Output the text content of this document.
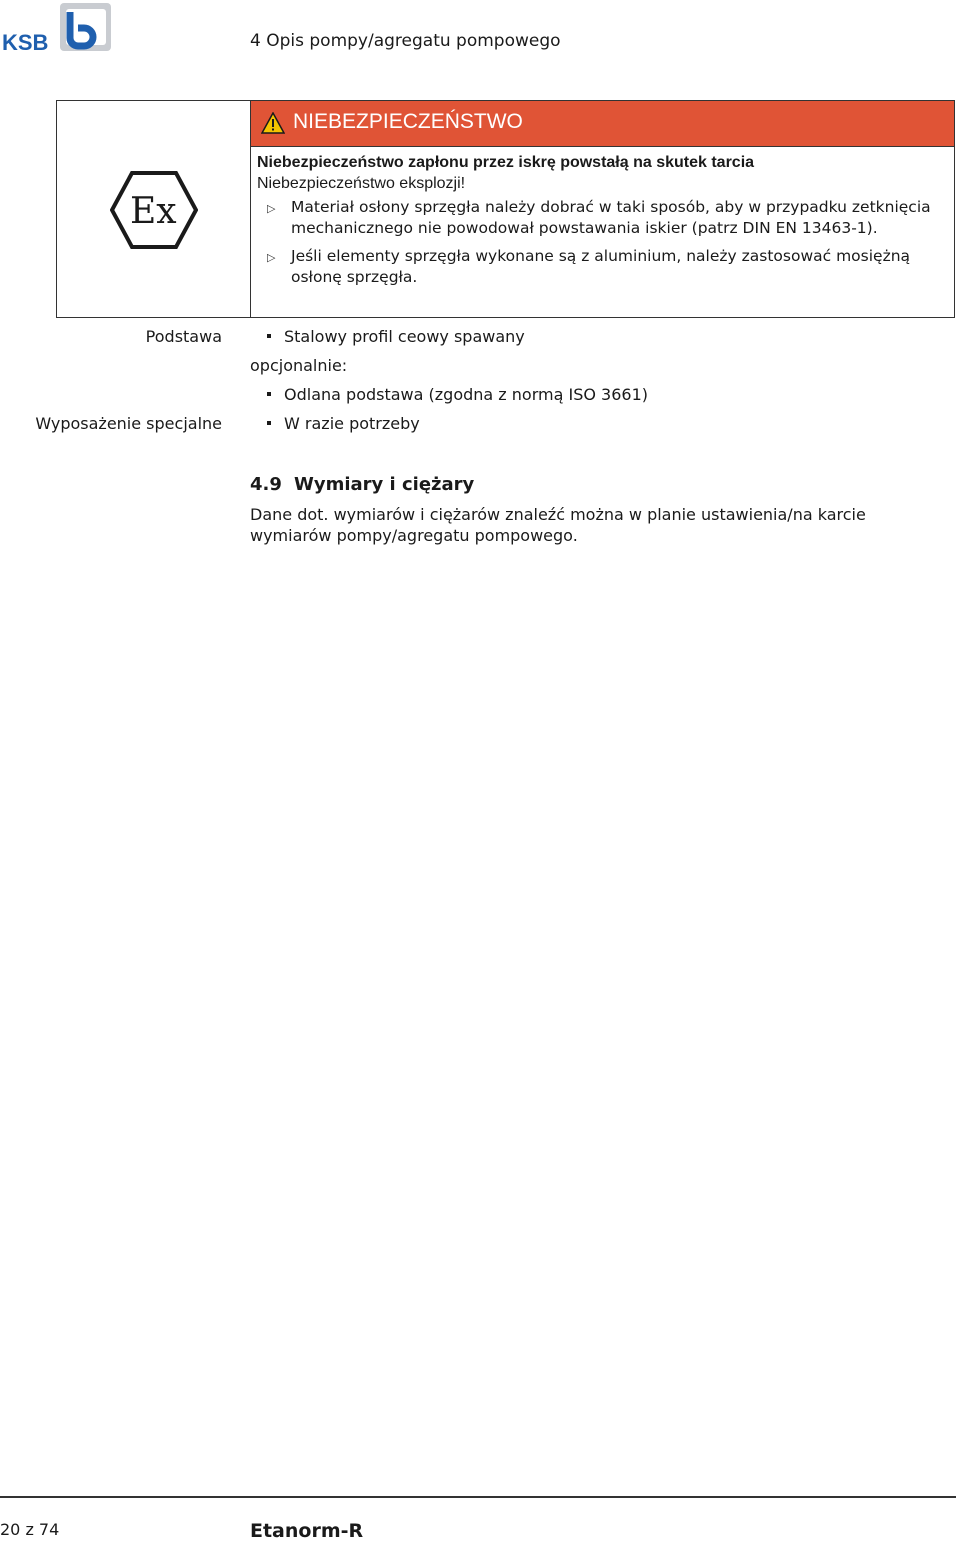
KSB	4 Opis pompy/agregatu pompowego
Ex
NIEBEZPIECZEŃSTWO
Niebezpieczeństwo zapłonu przez iskrę powstałą na skutek tarcia
Niebezpieczeństwo eksplozji!
▷ Materiał osłony sprzęgła należy dobrać w taki sposób, aby w przypadku zetknięcia mechanicznego nie powodował powstawania iskier (patrz DIN EN 13463-1).
▷ Jeśli elementy sprzęgła wykonane są z aluminium, należy zastosować mosiężną osłonę sprzęgła.
Podstawa	Stalowy profil ceowy spawany
opcjonalnie:
Odlana podstawa (zgodna z normą ISO 3661)
Wyposażenie specjalne	W razie potrzeby
4.9 Wymiary i ciężary
Dane dot. wymiarów i ciężarów znaleźć można w planie ustawienia/na karcie wymiarów pompy/agregatu pompowego.
20 z 74	Etanorm-R
